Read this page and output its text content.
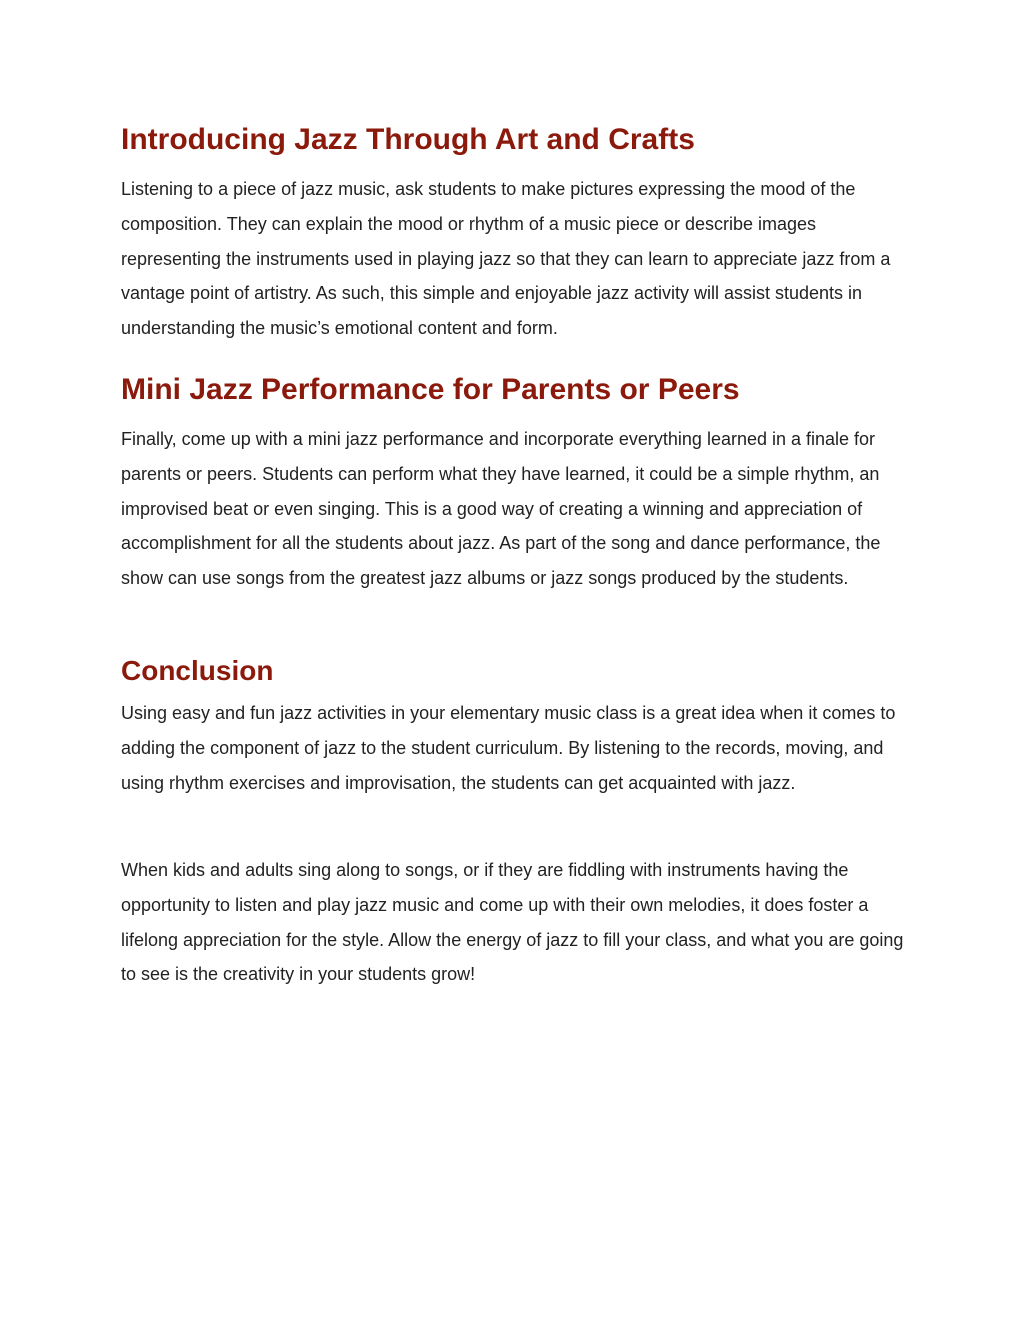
Introducing Jazz Through Art and Crafts

Listening to a piece of jazz music, ask students to make pictures expressing the mood of the composition. They can explain the mood or rhythm of a music piece or describe images representing the instruments used in playing jazz so that they can learn to appreciate jazz from a vantage point of artistry. As such, this simple and enjoyable jazz activity will assist students in understanding the music’s emotional content and form.

Mini Jazz Performance for Parents or Peers

Finally, come up with a mini jazz performance and incorporate everything learned in a finale for parents or peers. Students can perform what they have learned, it could be a simple rhythm, an improvised beat or even singing. This is a good way of creating a winning and appreciation of accomplishment for all the students about jazz. As part of the song and dance performance, the show can use songs from the greatest jazz albums or jazz songs produced by the students.

Conclusion

Using easy and fun jazz activities in your elementary music class is a great idea when it comes to adding the component of jazz to the student curriculum. By listening to the records, moving, and using rhythm exercises and improvisation, the students can get acquainted with jazz.

When kids and adults sing along to songs, or if they are fiddling with instruments having the opportunity to listen and play jazz music and come up with their own melodies, it does foster a lifelong appreciation for the style. Allow the energy of jazz to fill your class, and what you are going to see is the creativity in your students grow!
